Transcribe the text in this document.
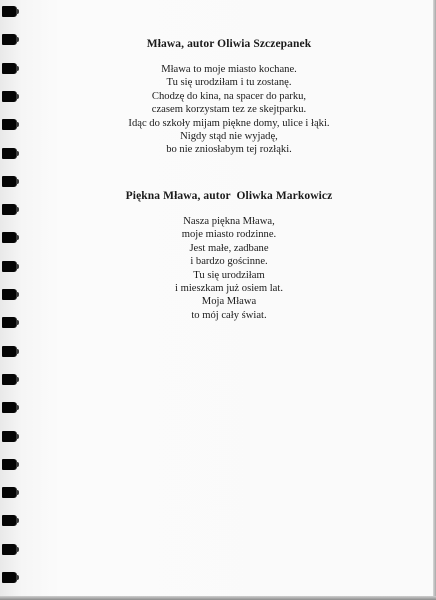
Mława, autor Oliwia Szczepanek

Mława to moje miasto kochane.

Tu się urodziłam i tu zostanę.

Chodzę do kina, na spacer do parku,

czasem korzystam tez ze skejtparku.

Idąc do szkoły mijam piękne domy, ulice i łąki.

Nigdy stąd nie wyjadę,

bo nie zniosłabym tej rozłąki.

Piękna Mława, autor  Oliwka Markowicz

Nasza piękna Mława,

moje miasto rodzinne.

Jest małe, zadbane

i bardzo gościnne.

Tu się urodziłam

i mieszkam już osiem lat.

Moja Mława

to mój cały świat.
